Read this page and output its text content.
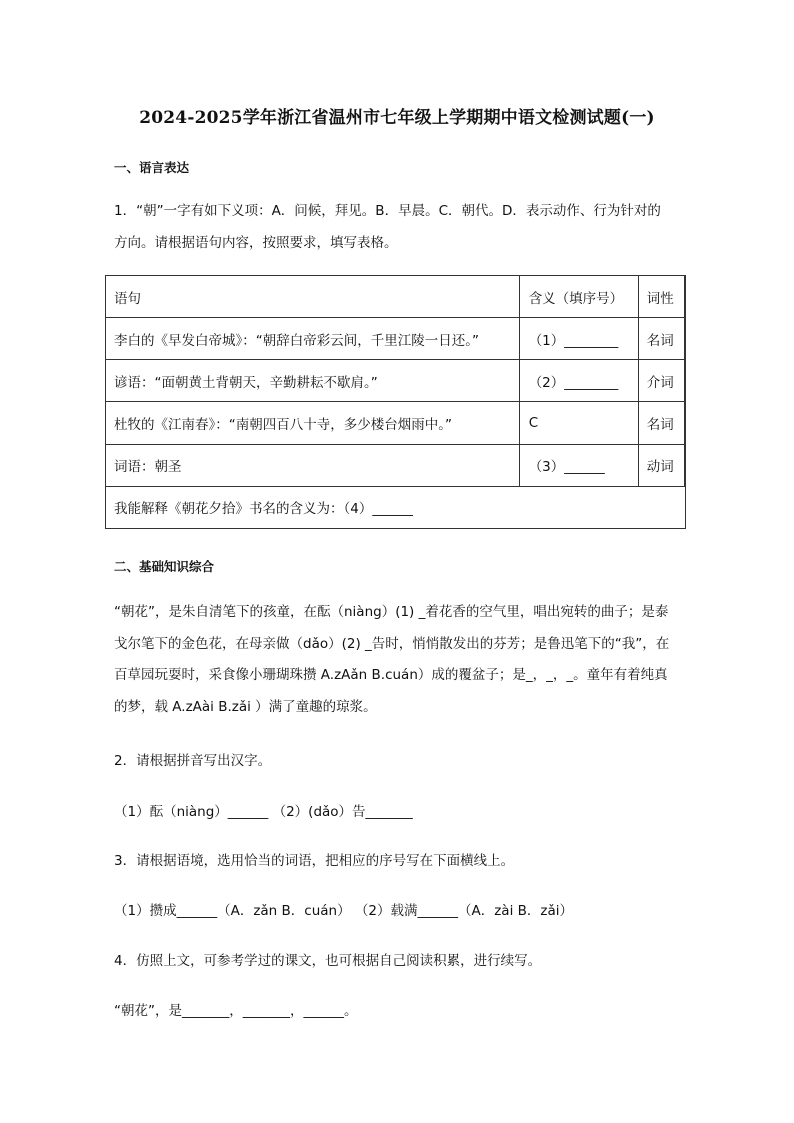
2024-2025学年浙江省温州市七年级上学期期中语文检测试题(一)
一、语言表达
1．“朝”一字有如下义项：A．问候，拜见。B．早晨。C．朝代。D．表示动作、行为针对的
方向。请根据语句内容，按照要求，填写表格。
语句	含义（填序号）	词性	
李白的《早发白帝城》：“朝辞白帝彩云间，千里江陵一日还。”	（1）________	名词	
谚语：“面朝黄土背朝天，辛勤耕耘不歇肩。”	（2）________	介词	
杜牧的《江南春》：“南朝四百八十寺，多少楼台烟雨中。”	C	名词	
词语：朝圣	（3）______	动词	
我能解释《朝花夕拾》书名的含义为：（4）______			
二、基础知识综合
“朝花”，是朱自清笔下的孩童，在酝（niàng）(1) _着花香的空气里，唱出宛转的曲子；是泰
戈尔笔下的金色花，在母亲做（dǎo）(2) _告时，悄悄散发出的芬芳；是鲁迅笔下的“我”，在
百草园玩耍时，采食像小珊瑚珠攒 A.zAǎn B.cuán）成的覆盆子；是_，_，_。童年有着纯真
的梦，载 A.zAài B.zǎi ）满了童趣的琼浆。
2．请根据拼音写出汉字。
（1）酝（niàng）______ （2）(dǎo）告_______
3．请根据语境，选用恰当的词语，把相应的序号写在下面横线上。
（1）攒成______（A．zǎn B．cuán） （2）载满______（A．zài B．zǎi）
4．仿照上文，可参考学过的课文，也可根据自己阅读积累，进行续写。
“朝花”，是_______，_______，______。
